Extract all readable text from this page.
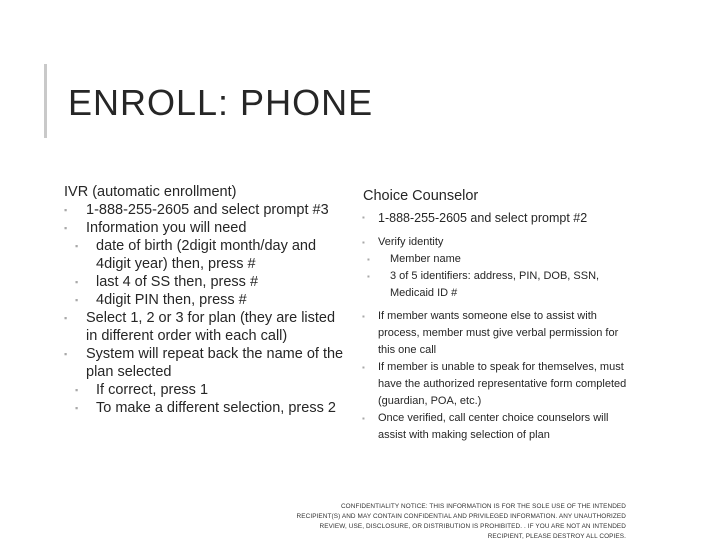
ENROLL: PHONE
IVR (automatic enrollment)
▪ 1-888-255-2605 and select prompt #3
▪ Information you will need
▪ date of birth (2digit month/day and 4digit year) then, press #
▪ last 4 of SS then, press #
▪ 4digit PIN then, press #
▪ Select 1, 2 or 3 for plan (they are listed in different order with each call)
▪ System will repeat back the name of the plan selected
▪ If correct, press 1
▪ To make a different selection, press 2
Choice Counselor
▪ 1-888-255-2605 and select prompt #2
▪ Verify identity
▪ Member name
▪ 3 of 5 identifiers: address, PIN, DOB, SSN, Medicaid ID #
▪ If member wants someone else to assist with process, member must give verbal permission for this one call
▪ If member is unable to speak for themselves, must have the authorized representative form completed (guardian, POA, etc.)
▪ Once verified, call center choice counselors will assist with making selection of plan
CONFIDENTIALITY NOTICE: THIS INFORMATION IS FOR THE SOLE USE OF THE INTENDED RECIPIENT(S) AND MAY CONTAIN CONFIDENTIAL AND PRIVILEGED INFORMATION. ANY UNAUTHORIZED REVIEW, USE, DISCLOSURE, OR DISTRIBUTION IS PROHIBITED. . IF YOU ARE NOT AN INTENDED RECIPIENT, PLEASE DESTROY ALL COPIES.
